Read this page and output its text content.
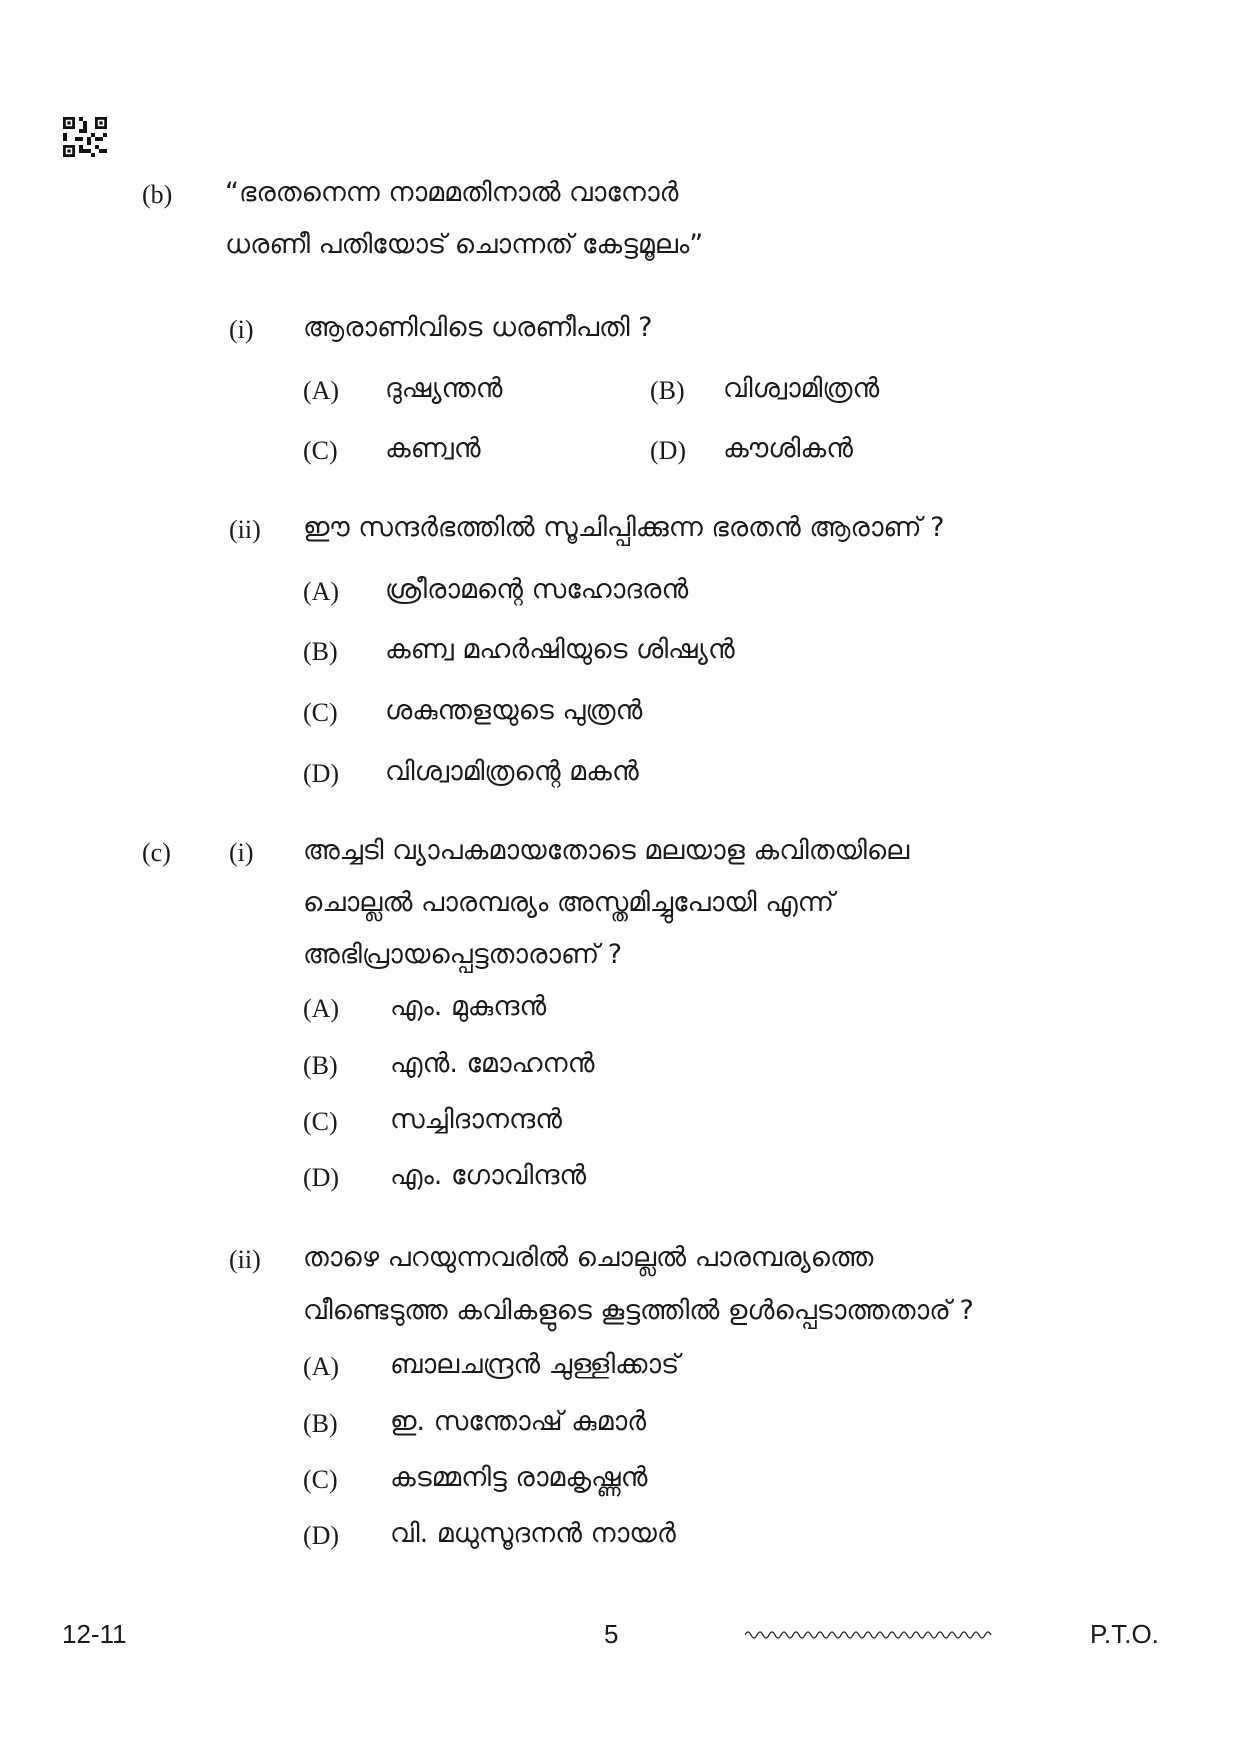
(b) “ഭരതനെന്ന നാമമതിനാൽ വാനോർ
ധരണീ പതിയോട് ചൊന്നത് കേട്ടമൂലം”
(i) ആരാണിവിടെ ധരണീപതി ?
(A) ദുഷ്യന്തൻ	(B) വിശ്വാമിത്രൻ
(C) കണ്വൻ	(D) കൗശികൻ
(ii) ഈ സന്ദർഭത്തിൽ സൂചിപ്പിക്കുന്ന ഭരതൻ ആരാണ് ?
(A) ശ്രീരാമന്റെ സഹോദരൻ
(B) കണ്വ മഹർഷിയുടെ ശിഷ്യൻ
(C) ശകുന്തളയുടെ പുത്രൻ
(D) വിശ്വാമിത്രന്റെ മകൻ
(c) (i) അച്ചടി വ്യാപകമായതോടെ മലയാള കവിതയിലെ
ചൊല്ലൽ പാരമ്പര്യം അസ്തമിച്ചുപോയി എന്ന്
അഭിപ്രായപ്പെട്ടതാരാണ് ?
(A) എം. മുകുന്ദൻ
(B) എൻ. മോഹനൻ
(C) സച്ചിദാനന്ദൻ
(D) എം. ഗോവിന്ദൻ
(ii) താഴെ പറയുന്നവരിൽ ചൊല്ലൽ പാരമ്പര്യത്തെ
വീണ്ടെടുത്ത കവികളുടെ കൂട്ടത്തിൽ ഉൾപ്പെടാത്തതാര് ?
(A) ബാലചന്ദ്രൻ ചുള്ളിക്കാട്
(B) ഇ. സന്തോഷ് കുമാർ
(C) കടമ്മനിട്ട രാമകൃഷ്ണൻ
(D) വി. മധുസൂദനൻ നായർ
12-11	5	P.T.O.
